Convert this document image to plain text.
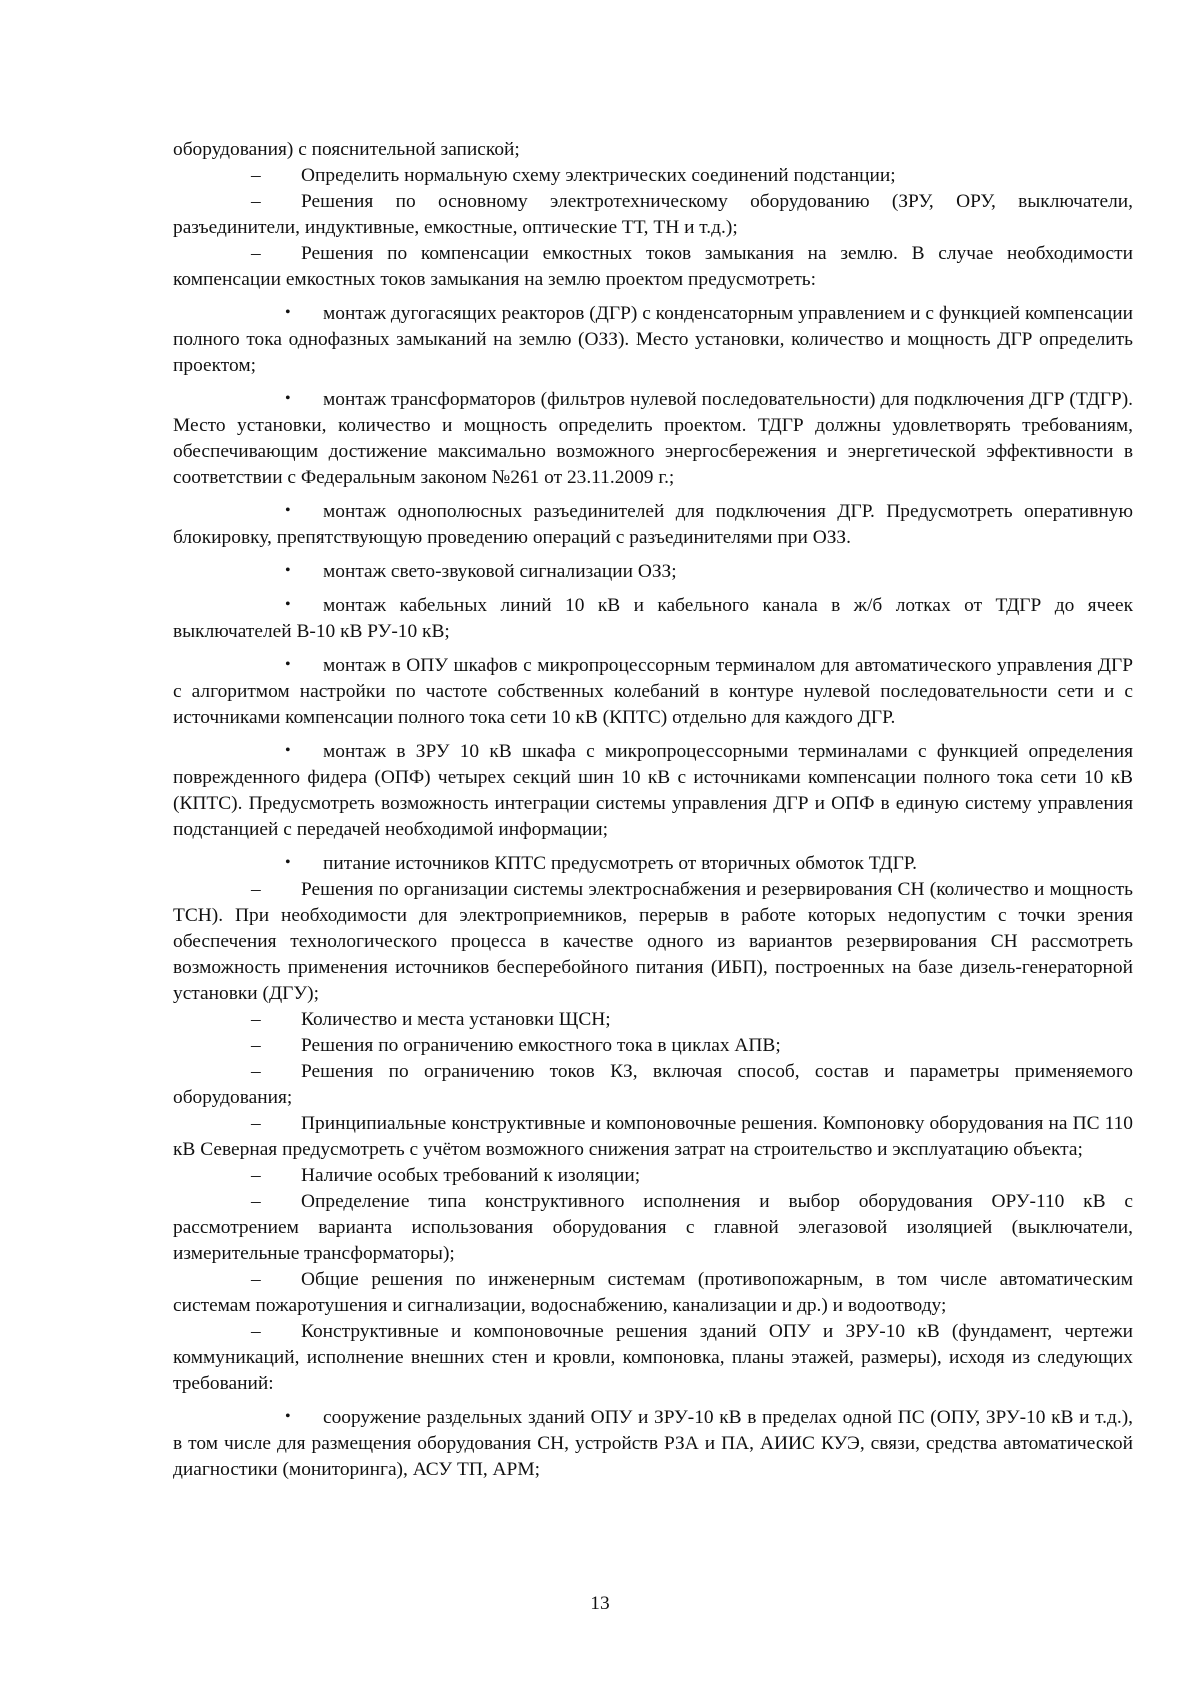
оборудования) с пояснительной запиской;

– Определить нормальную схему электрических соединений подстанции;

– Решения по основному электротехническому оборудованию (ЗРУ, ОРУ, выключатели, разъединители, индуктивные, емкостные, оптические ТТ, ТН и т.д.);

– Решения по компенсации емкостных токов замыкания на землю. В случае необходимости компенсации емкостных токов замыкания на землю проектом предусмотреть:

• монтаж дугогасящих реакторов (ДГР) с конденсаторным управлением и с функцией компенсации полного тока однофазных замыканий на землю (ОЗЗ). Место установки, количество и мощность ДГР определить проектом;

• монтаж трансформаторов (фильтров нулевой последовательности) для подключения ДГР (ТДГР). Место установки, количество и мощность определить проектом. ТДГР должны удовлетворять требованиям, обеспечивающим достижение максимально возможного энергосбережения и энергетической эффективности в соответствии с Федеральным законом №261 от 23.11.2009 г.;

• монтаж однополюсных разъединителей для подключения ДГР. Предусмотреть оперативную блокировку, препятствующую проведению операций с разъединителями при ОЗЗ.

• монтаж свето-звуковой сигнализации ОЗЗ;

• монтаж кабельных линий 10 кВ и кабельного канала в ж/б лотках от ТДГР до ячеек выключателей В-10 кВ РУ-10 кВ;

• монтаж в ОПУ шкафов с микропроцессорным терминалом для автоматического управления ДГР с алгоритмом настройки по частоте собственных колебаний в контуре нулевой последовательности сети и с источниками компенсации полного тока сети 10 кВ (КПТС) отдельно для каждого ДГР.

• монтаж в ЗРУ 10 кВ шкафа с микропроцессорными терминалами с функцией определения поврежденного фидера (ОПФ) четырех секций шин 10 кВ с источниками компенсации полного тока сети 10 кВ (КПТС). Предусмотреть возможность интеграции системы управления ДГР и ОПФ в единую систему управления подстанцией с передачей необходимой информации;

• питание источников КПТС предусмотреть от вторичных обмоток ТДГР.

– Решения по организации системы электроснабжения и резервирования СН (количество и мощность ТСН). При необходимости для электроприемников, перерыв в работе которых недопустим с точки зрения обеспечения технологического процесса в качестве одного из вариантов резервирования СН рассмотреть возможность применения источников бесперебойного питания (ИБП), построенных на базе дизель-генераторной установки (ДГУ);

– Количество и места установки ЩСН;

– Решения по ограничению емкостного тока в циклах АПВ;

– Решения по ограничению токов КЗ, включая способ, состав и параметры применяемого оборудования;

– Принципиальные конструктивные и компоновочные решения. Компоновку оборудования на ПС 110 кВ Северная предусмотреть с учётом возможного снижения затрат на строительство и эксплуатацию объекта;

– Наличие особых требований к изоляции;

– Определение типа конструктивного исполнения и выбор оборудования ОРУ-110 кВ с рассмотрением варианта использования оборудования с главной элегазовой изоляцией (выключатели, измерительные трансформаторы);

– Общие решения по инженерным системам (противопожарным, в том числе автоматическим системам пожаротушения и сигнализации, водоснабжению, канализации и др.) и водоотводу;

– Конструктивные и компоновочные решения зданий ОПУ и ЗРУ-10 кВ (фундамент, чертежи коммуникаций, исполнение внешних стен и кровли, компоновка, планы этажей, размеры), исходя из следующих требований:

• сооружение раздельных зданий ОПУ и ЗРУ-10 кВ в пределах одной ПС (ОПУ, ЗРУ-10 кВ и т.д.), в том числе для размещения оборудования СН, устройств РЗА и ПА, АИИС КУЭ, связи, средства автоматической диагностики (мониторинга), АСУ ТП, АРМ;

13
